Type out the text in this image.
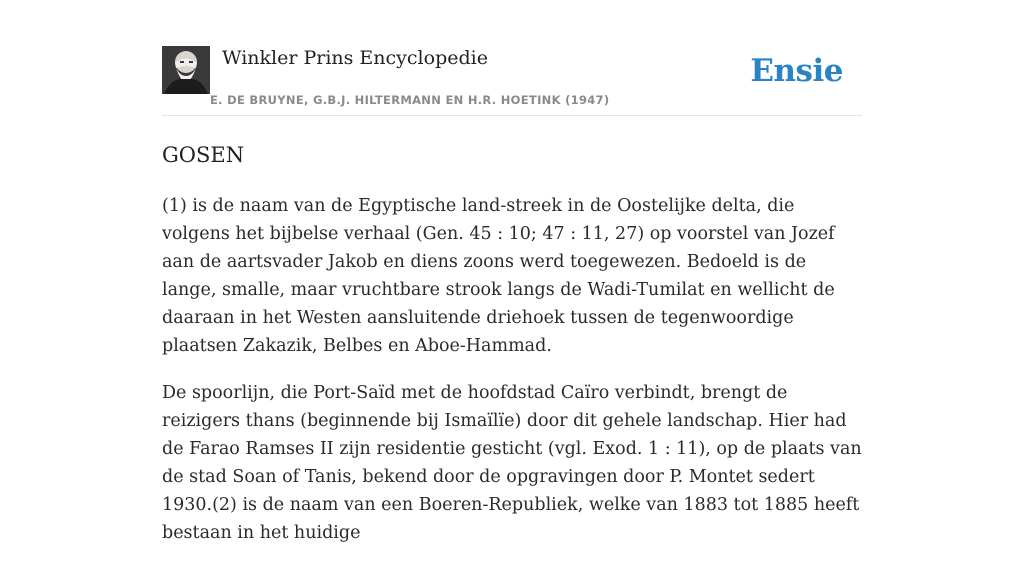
Winkler Prins Encyclopedie
E. DE BRUYNE, G.B.J. HILTERMANN EN H.R. HOETINK (1947)
Ensie
GOSEN

(1) is de naam van de Egyptische land-streek in de Oostelijke delta, die volgens het bijbelse verhaal (Gen. 45 : 10; 47 : 11, 27) op voorstel van Jozef aan de aartsvader Jakob en diens zoons werd toegewezen. Bedoeld is de lange, smalle, maar vruchtbare strook langs de Wadi-Tumilat en wellicht de daaraan in het Westen aansluitende driehoek tussen de tegenwoordige plaatsen Zakazik, Belbes en Aboe-Hammad.

De spoorlijn, die Port-Saïd met de hoofdstad Caïro verbindt, brengt de reizigers thans (beginnende bij Ismaïlïe) door dit gehele landschap. Hier had de Farao Ramses II zijn residentie gesticht (vgl. Exod. 1 : 11), op de plaats van de stad Soan of Tanis, bekend door de opgravingen door P. Montet sedert 1930.(2) is de naam van een Boeren-Republiek, welke van 1883 tot 1885 heeft bestaan in het huidige
